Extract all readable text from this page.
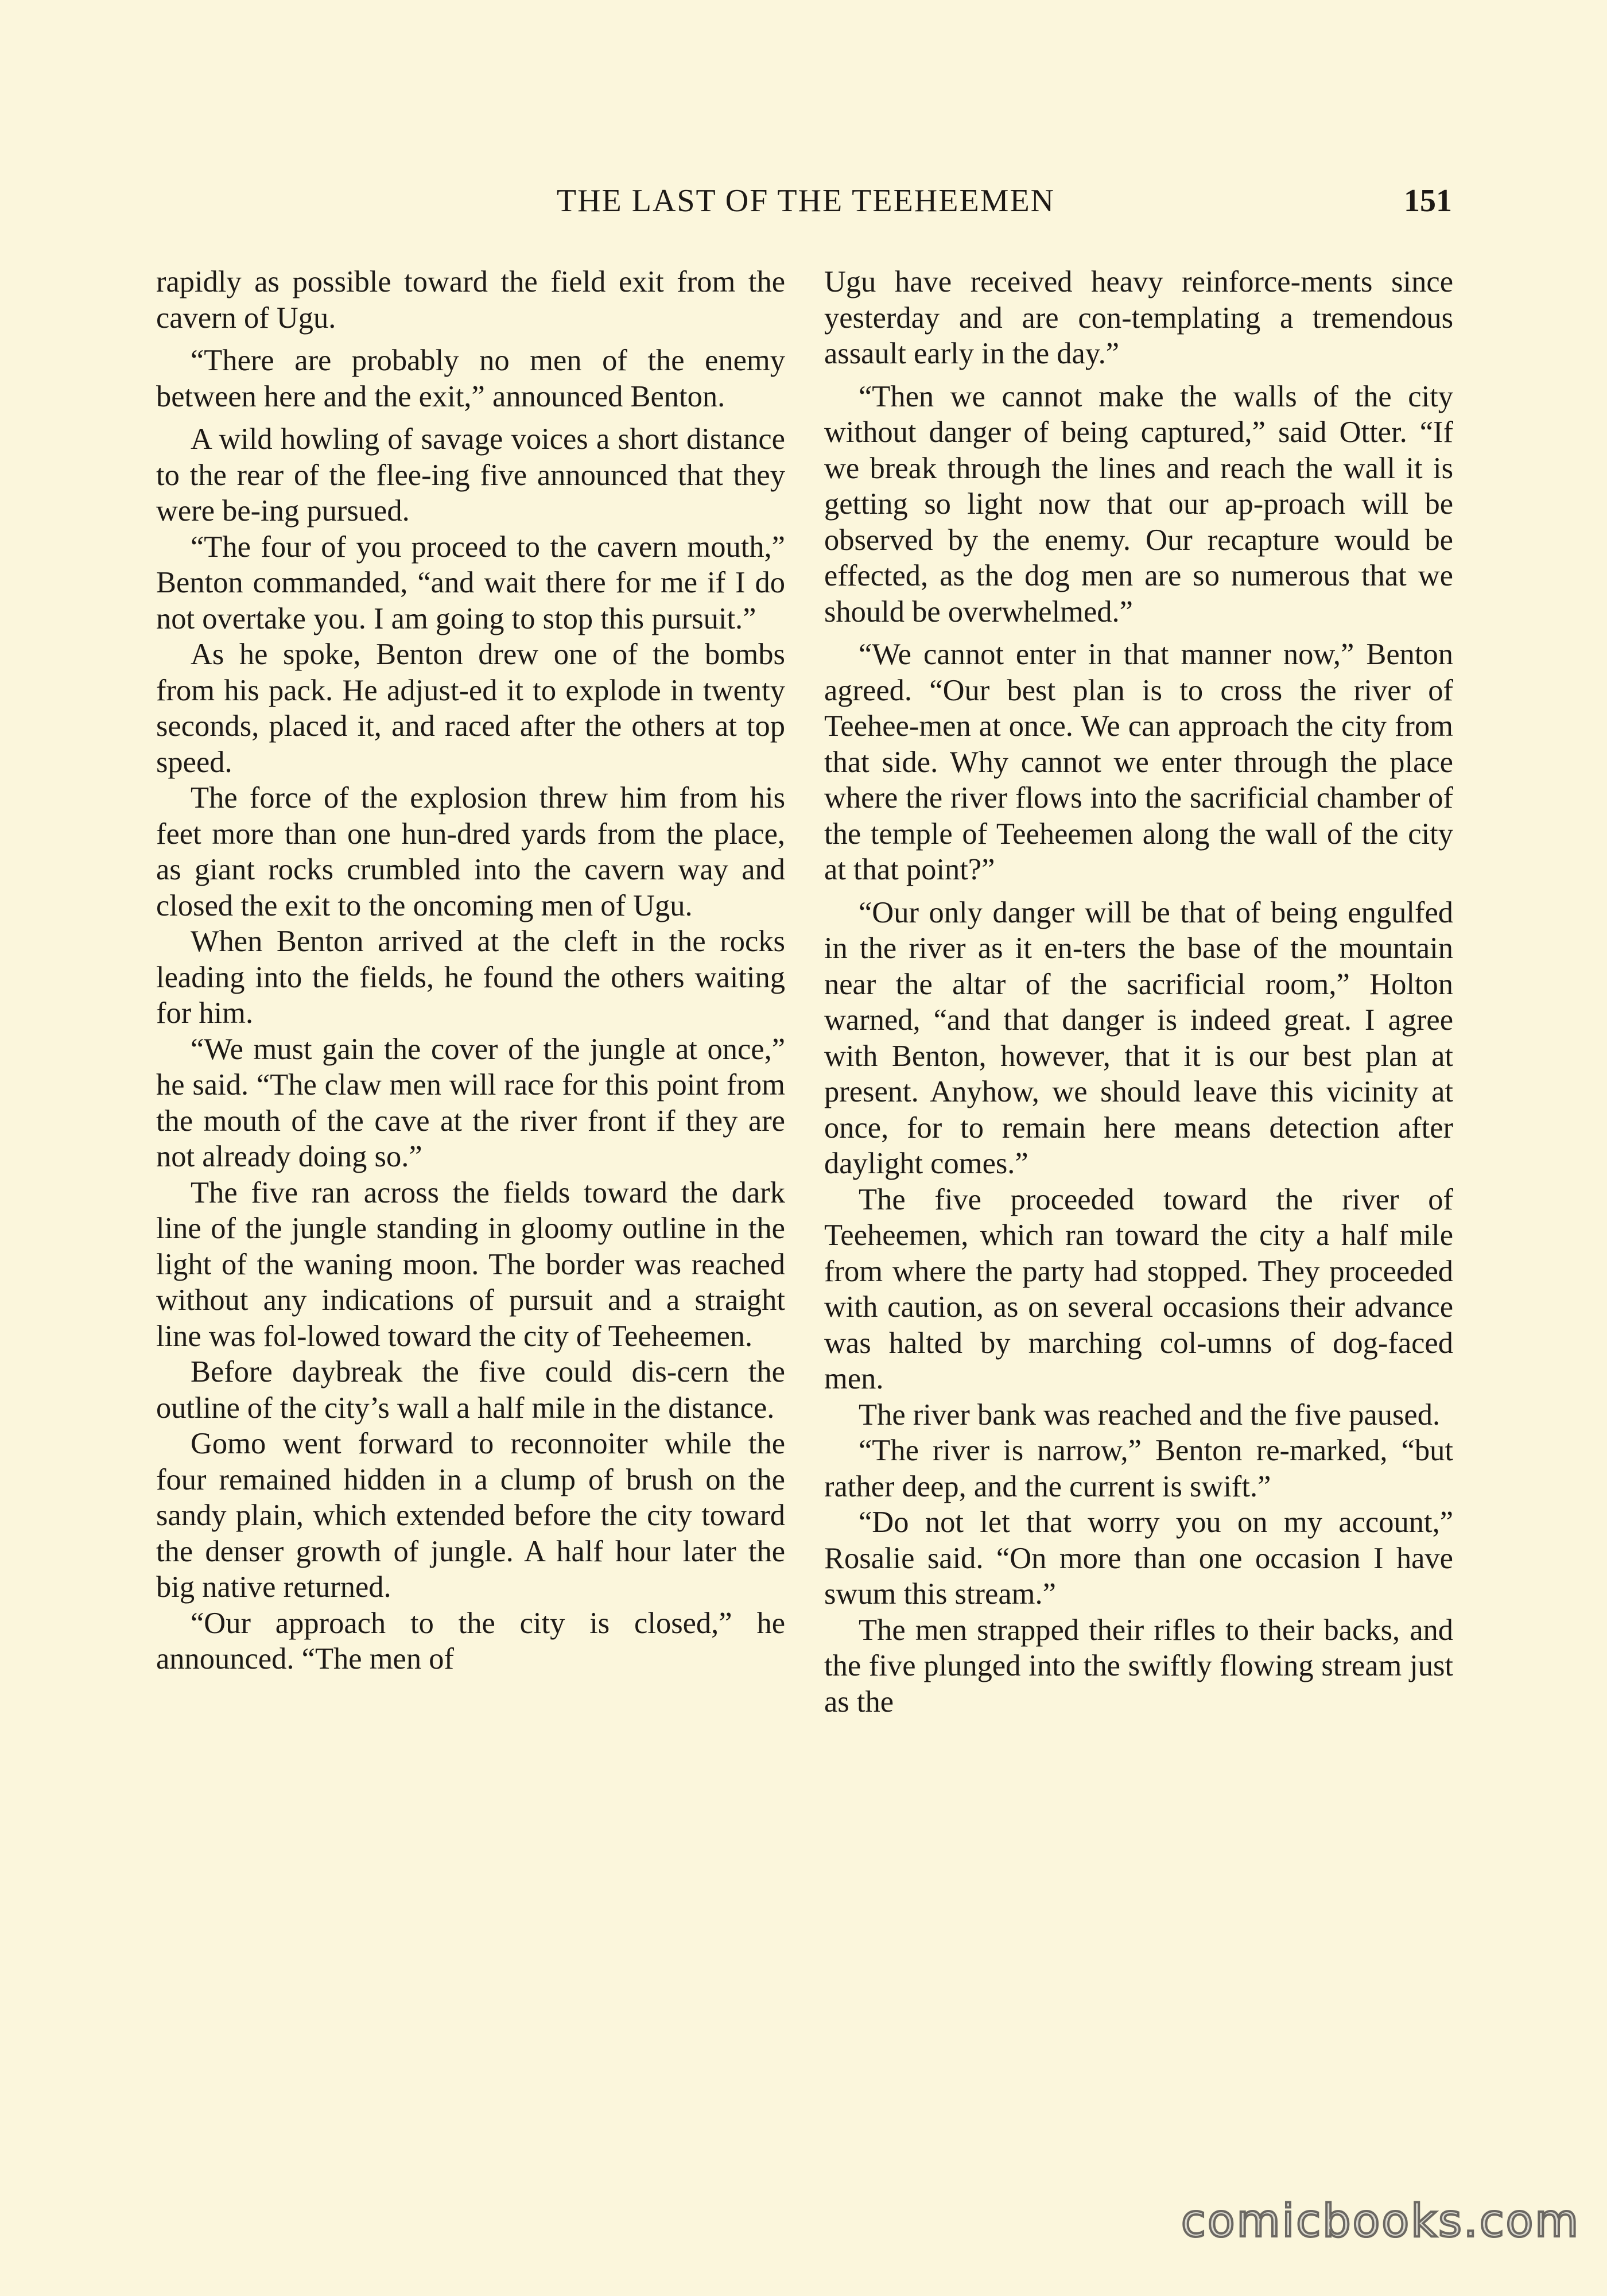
THE LAST OF THE TEEHEEMEN	151

rapidly as possible toward the field exit from the cavern of Ugu.

“There are probably no men of the enemy between here and the exit,” announced Benton.

A wild howling of savage voices a short distance to the rear of the flee-ing five announced that they were be-ing pursued.

“The four of you proceed to the cavern mouth,” Benton commanded, “and wait there for me if I do not overtake you. I am going to stop this pursuit.”

As he spoke, Benton drew one of the bombs from his pack. He adjust-ed it to explode in twenty seconds, placed it, and raced after the others at top speed.

The force of the explosion threw him from his feet more than one hun-dred yards from the place, as giant rocks crumbled into the cavern way and closed the exit to the oncoming men of Ugu.

When Benton arrived at the cleft in the rocks leading into the fields, he found the others waiting for him.

“We must gain the cover of the jungle at once,” he said. “The claw men will race for this point from the mouth of the cave at the river front if they are not already doing so.”

The five ran across the fields toward the dark line of the jungle standing in gloomy outline in the light of the waning moon. The border was reached without any indications of pursuit and a straight line was fol-lowed toward the city of Teeheemen.

Before daybreak the five could dis-cern the outline of the city’s wall a half mile in the distance.

Gomo went forward to reconnoiter while the four remained hidden in a clump of brush on the sandy plain, which extended before the city toward the denser growth of jungle. A half hour later the big native returned.

“Our approach to the city is closed,” he announced. “The men of

Ugu have received heavy reinforce-ments since yesterday and are con-templating a tremendous assault early in the day.”

“Then we cannot make the walls of the city without danger of being captured,” said Otter. “If we break through the lines and reach the wall it is getting so light now that our ap-proach will be observed by the enemy. Our recapture would be effected, as the dog men are so numerous that we should be overwhelmed.”

“We cannot enter in that manner now,” Benton agreed. “Our best plan is to cross the river of Teehee-men at once. We can approach the city from that side. Why cannot we enter through the place where the river flows into the sacrificial chamber of the temple of Teeheemen along the wall of the city at that point?”

“Our only danger will be that of being engulfed in the river as it en-ters the base of the mountain near the altar of the sacrificial room,” Holton warned, “and that danger is indeed great. I agree with Benton, however, that it is our best plan at present. Anyhow, we should leave this vicinity at once, for to remain here means detection after daylight comes.”

The five proceeded toward the river of Teeheemen, which ran toward the city a half mile from where the party had stopped. They proceeded with caution, as on several occasions their advance was halted by marching col-umns of dog-faced men.

The river bank was reached and the five paused.

“The river is narrow,” Benton re-marked, “but rather deep, and the current is swift.”

“Do not let that worry you on my account,” Rosalie said. “On more than one occasion I have swum this stream.”

The men strapped their rifles to their backs, and the five plunged into the swiftly flowing stream just as the

comicbooks.com
